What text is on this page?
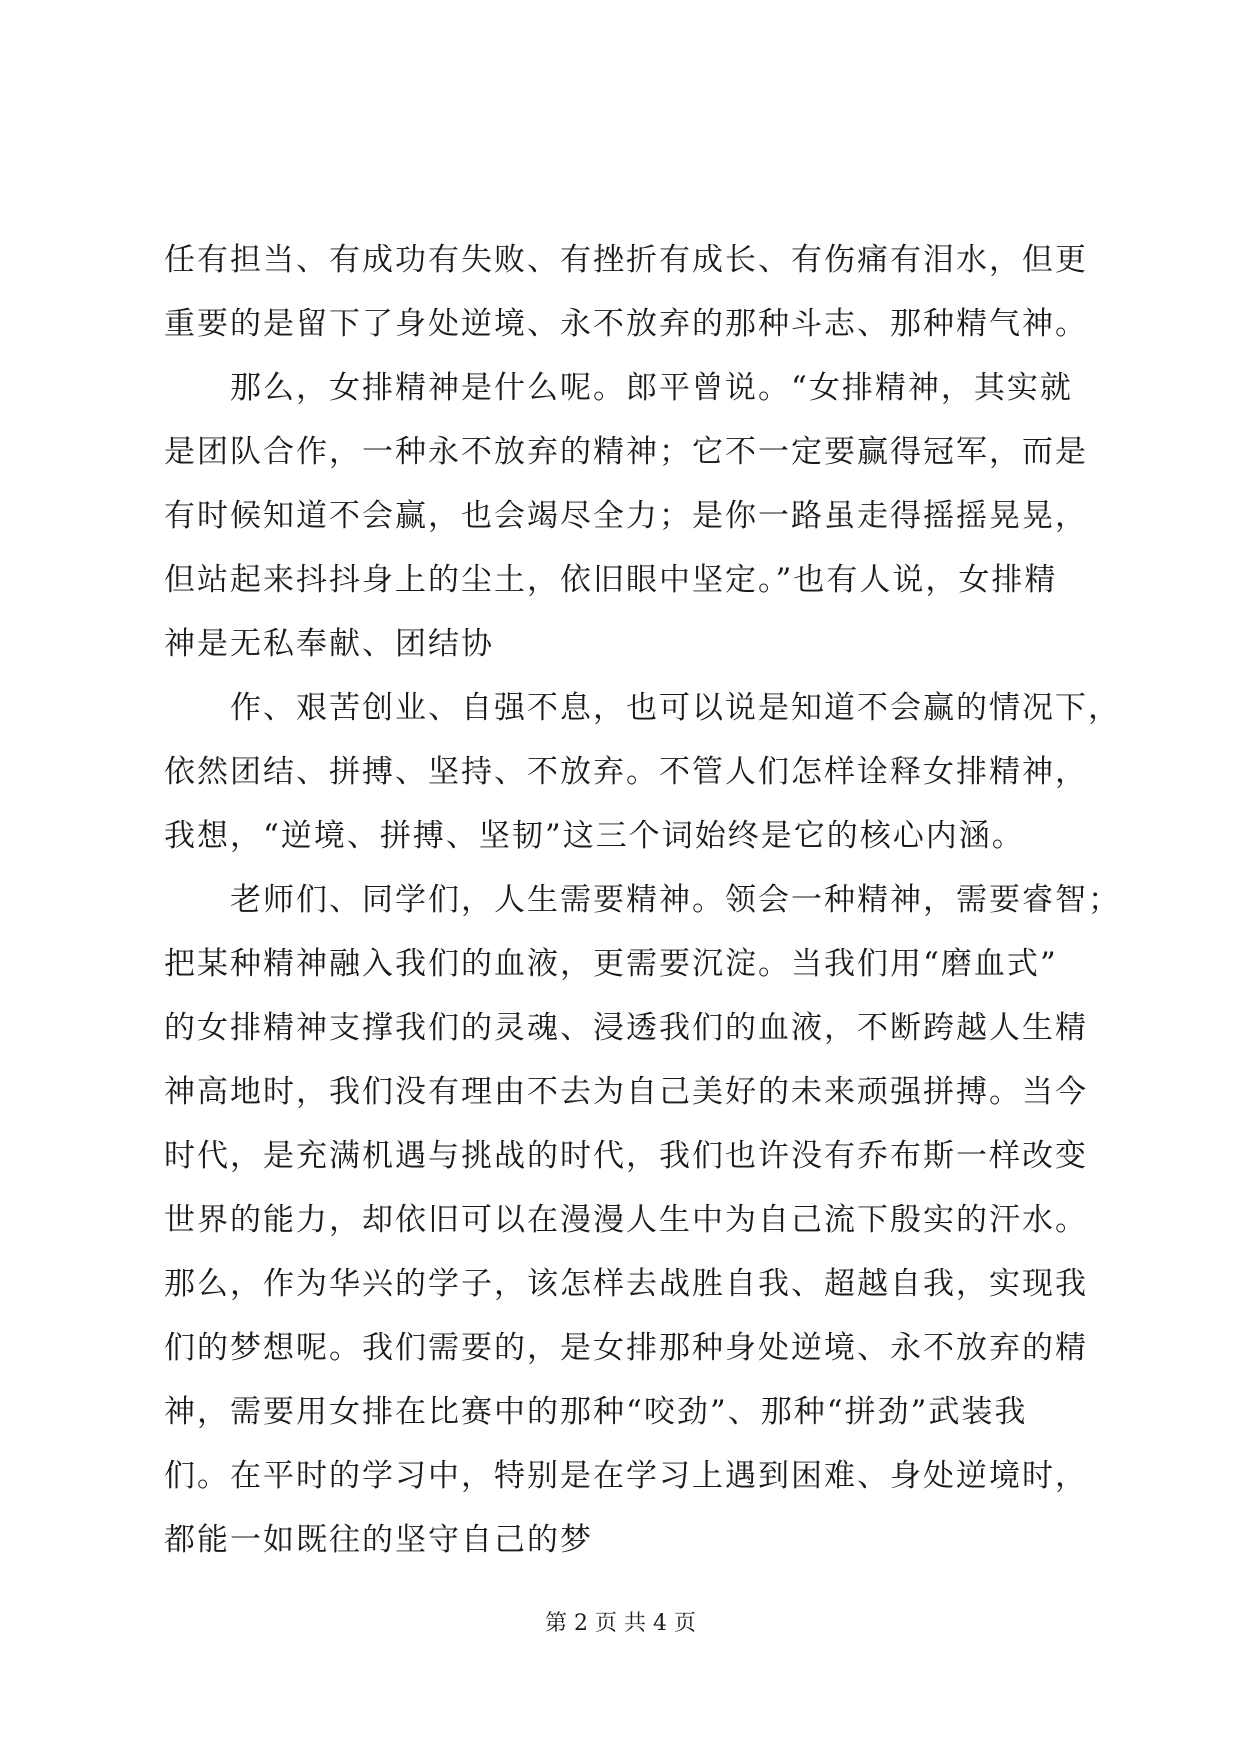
任有担当、有成功有失败、有挫折有成长、有伤痛有泪水，但更
重要的是留下了身处逆境、永不放弃的那种斗志、那种精气神。
那么，女排精神是什么呢。郎平曾说。“女排精神，其实就
是团队合作，一种永不放弃的精神；它不一定要赢得冠军，而是
有时候知道不会赢，也会竭尽全力；是你一路虽走得摇摇晃晃，
但站起来抖抖身上的尘土，依旧眼中坚定。”也有人说，女排精
神是无私奉献、团结协
作、艰苦创业、自强不息，也可以说是知道不会赢的情况下，
依然团结、拼搏、坚持、不放弃。不管人们怎样诠释女排精神，
我想，“逆境、拼搏、坚韧”这三个词始终是它的核心内涵。
老师们、同学们，人生需要精神。领会一种精神，需要睿智；
把某种精神融入我们的血液，更需要沉淀。当我们用“磨血式”
的女排精神支撑我们的灵魂、浸透我们的血液，不断跨越人生精
神高地时，我们没有理由不去为自己美好的未来顽强拼搏。当今
时代，是充满机遇与挑战的时代，我们也许没有乔布斯一样改变
世界的能力，却依旧可以在漫漫人生中为自己流下殷实的汗水。
那么，作为华兴的学子，该怎样去战胜自我、超越自我，实现我
们的梦想呢。我们需要的，是女排那种身处逆境、永不放弃的精
神，需要用女排在比赛中的那种“咬劲”、那种“拼劲”武装我
们。在平时的学习中，特别是在学习上遇到困难、身处逆境时，
都能一如既往的坚守自己的梦
第 2 页 共 4 页
